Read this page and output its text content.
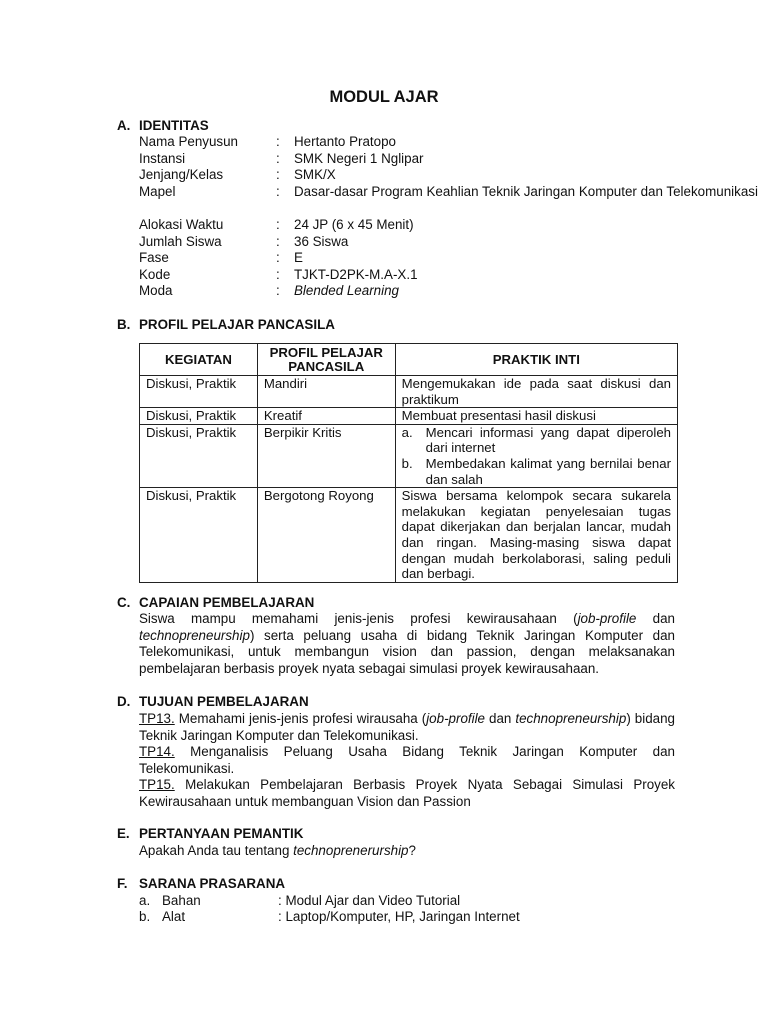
MODUL AJAR
A. IDENTITAS
Nama Penyusun	: Hertanto Pratopo
Instansi	: SMK Negeri 1 Nglipar
Jenjang/Kelas	: SMK/X
Mapel	: Dasar-dasar Program Keahlian Teknik Jaringan Komputer dan Telekomunikasi
Alokasi Waktu	: 24 JP (6 x 45 Menit)
Jumlah Siswa	: 36 Siswa
Fase	: E
Kode	: TJKT-D2PK-M.A-X.1
Moda	: Blended Learning
B. PROFIL PELAJAR PANCASILA
KEGIATAN	PROFIL PELAJAR PANCASILA	PRAKTIK INTI
Diskusi, Praktik	Mandiri	Mengemukakan ide pada saat diskusi dan praktikum
Diskusi, Praktik	Kreatif	Membuat presentasi hasil diskusi
Diskusi, Praktik	Berpikir Kritis	a. Mencari informasi yang dapat diperoleh dari internet
b. Membedakan kalimat yang bernilai benar dan salah

Diskusi, Praktik	Bergotong Royong	Siswa bersama kelompok secara sukarela melakukan kegiatan penyelesaian tugas dapat dikerjakan dan berjalan lancar, mudah dan ringan. Masing-masing siswa dapat dengan mudah berkolaborasi, saling peduli dan berbagi.
C. CAPAIAN PEMBELAJARAN
Siswa mampu memahami jenis-jenis profesi kewirausahaan (job-profile dan technopreneurship) serta peluang usaha di bidang Teknik Jaringan Komputer dan Telekomunikasi, untuk membangun vision dan passion, dengan melaksanakan pembelajaran berbasis proyek nyata sebagai simulasi proyek kewirausahaan.
D. TUJUAN PEMBELAJARAN
TP13. Memahami jenis-jenis profesi wirausaha (job-profile dan technopreneurship) bidang Teknik Jaringan Komputer dan Telekomunikasi.
TP14. Menganalisis Peluang Usaha Bidang Teknik Jaringan Komputer dan Telekomunikasi.
TP15. Melakukan Pembelajaran Berbasis Proyek Nyata Sebagai Simulasi Proyek Kewirausahaan untuk membanguan Vision dan Passion
E. PERTANYAAN PEMANTIK
Apakah Anda tau tentang technoprenerurship?
F. SARANA PRASARANA
a. Bahan	: Modul Ajar dan Video Tutorial
b. Alat	: Laptop/Komputer, HP, Jaringan Internet
